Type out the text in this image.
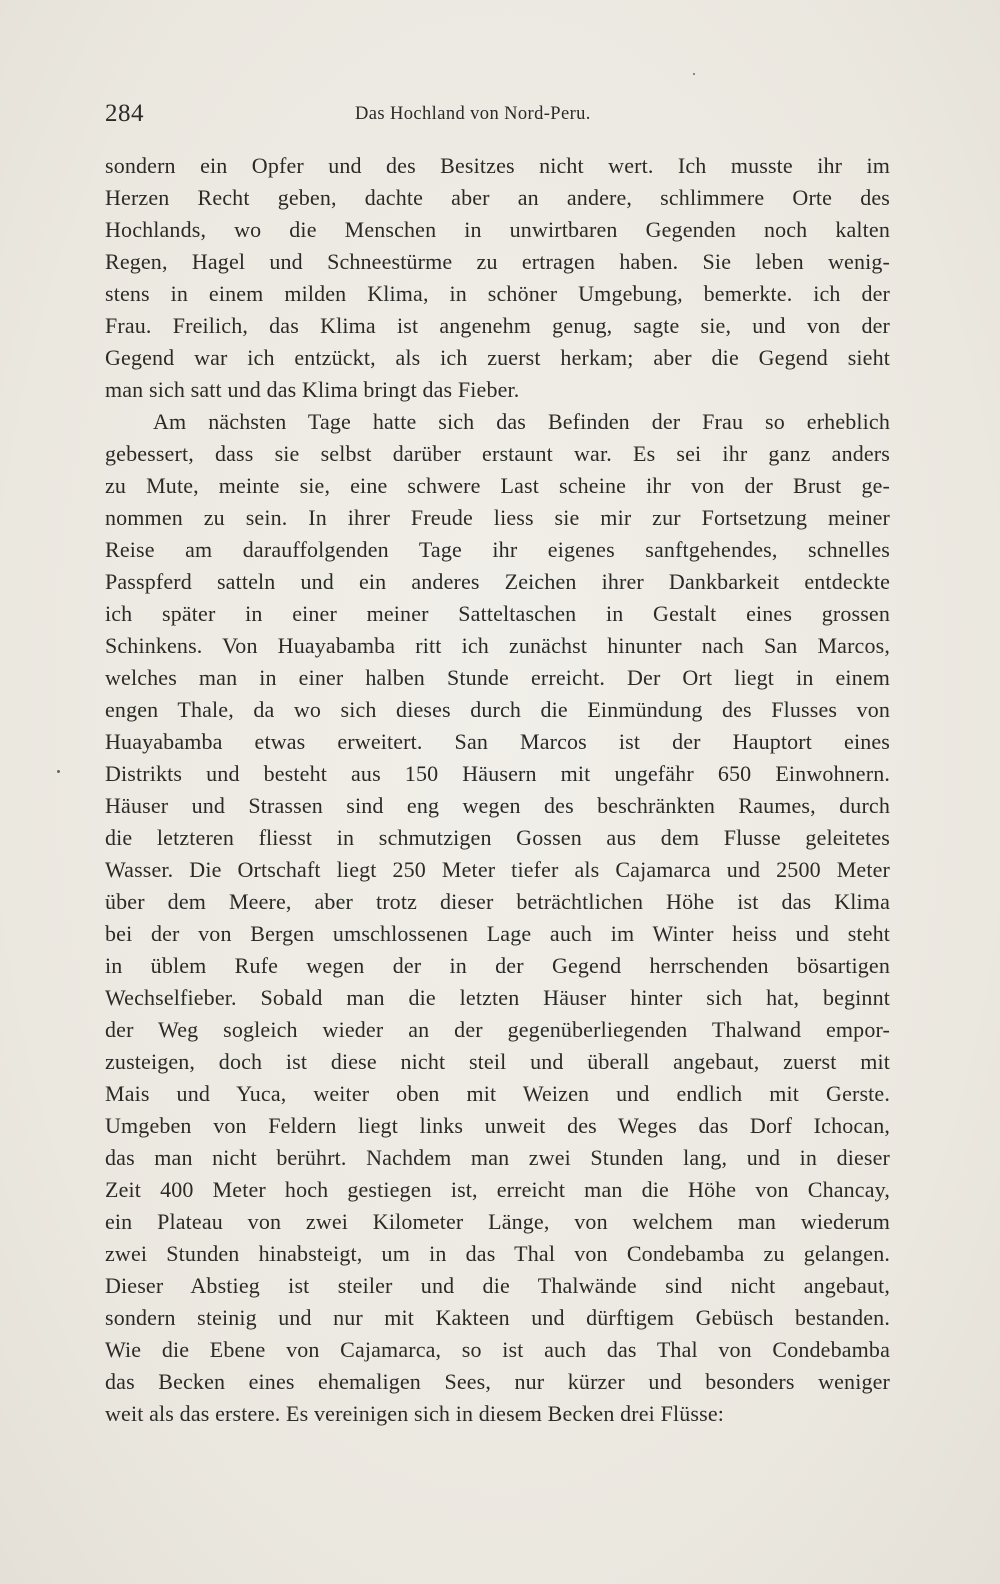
284	Das Hochland von Nord-Peru.
sondern ein Opfer und des Besitzes nicht wert. Ich musste ihr im
Herzen Recht geben, dachte aber an andere, schlimmere Orte des
Hochlands, wo die Menschen in unwirtbaren Gegenden noch kalten
Regen, Hagel und Schneestürme zu ertragen haben. Sie leben wenig-
stens in einem milden Klima, in schöner Umgebung, bemerkte. ich der
Frau. Freilich, das Klima ist angenehm genug, sagte sie, und von der
Gegend war ich entzückt, als ich zuerst herkam; aber die Gegend sieht
man sich satt und das Klima bringt das Fieber.
Am nächsten Tage hatte sich das Befinden der Frau so erheblich
gebessert, dass sie selbst darüber erstaunt war. Es sei ihr ganz anders
zu Mute, meinte sie, eine schwere Last scheine ihr von der Brust ge-
nommen zu sein. In ihrer Freude liess sie mir zur Fortsetzung meiner
Reise am darauffolgenden Tage ihr eigenes sanftgehendes, schnelles
Passpferd satteln und ein anderes Zeichen ihrer Dankbarkeit entdeckte
ich später in einer meiner Satteltaschen in Gestalt eines grossen
Schinkens. Von Huayabamba ritt ich zunächst hinunter nach San Marcos,
welches man in einer halben Stunde erreicht. Der Ort liegt in einem
engen Thale, da wo sich dieses durch die Einmündung des Flusses von
Huayabamba etwas erweitert. San Marcos ist der Hauptort eines
Distrikts und besteht aus 150 Häusern mit ungefähr 650 Einwohnern.
Häuser und Strassen sind eng wegen des beschränkten Raumes, durch
die letzteren fliesst in schmutzigen Gossen aus dem Flusse geleitetes
Wasser. Die Ortschaft liegt 250 Meter tiefer als Cajamarca und 2500 Meter
über dem Meere, aber trotz dieser beträchtlichen Höhe ist das Klima
bei der von Bergen umschlossenen Lage auch im Winter heiss und steht
in üblem Rufe wegen der in der Gegend herrschenden bösartigen
Wechselfieber. Sobald man die letzten Häuser hinter sich hat, beginnt
der Weg sogleich wieder an der gegenüberliegenden Thalwand empor-
zusteigen, doch ist diese nicht steil und überall angebaut, zuerst mit
Mais und Yuca, weiter oben mit Weizen und endlich mit Gerste.
Umgeben von Feldern liegt links unweit des Weges das Dorf Ichocan,
das man nicht berührt. Nachdem man zwei Stunden lang, und in dieser
Zeit 400 Meter hoch gestiegen ist, erreicht man die Höhe von Chancay,
ein Plateau von zwei Kilometer Länge, von welchem man wiederum
zwei Stunden hinabsteigt, um in das Thal von Condebamba zu gelangen.
Dieser Abstieg ist steiler und die Thalwände sind nicht angebaut,
sondern steinig und nur mit Kakteen und dürftigem Gebüsch bestanden.
Wie die Ebene von Cajamarca, so ist auch das Thal von Condebamba
das Becken eines ehemaligen Sees, nur kürzer und besonders weniger
weit als das erstere. Es vereinigen sich in diesem Becken drei Flüsse:
